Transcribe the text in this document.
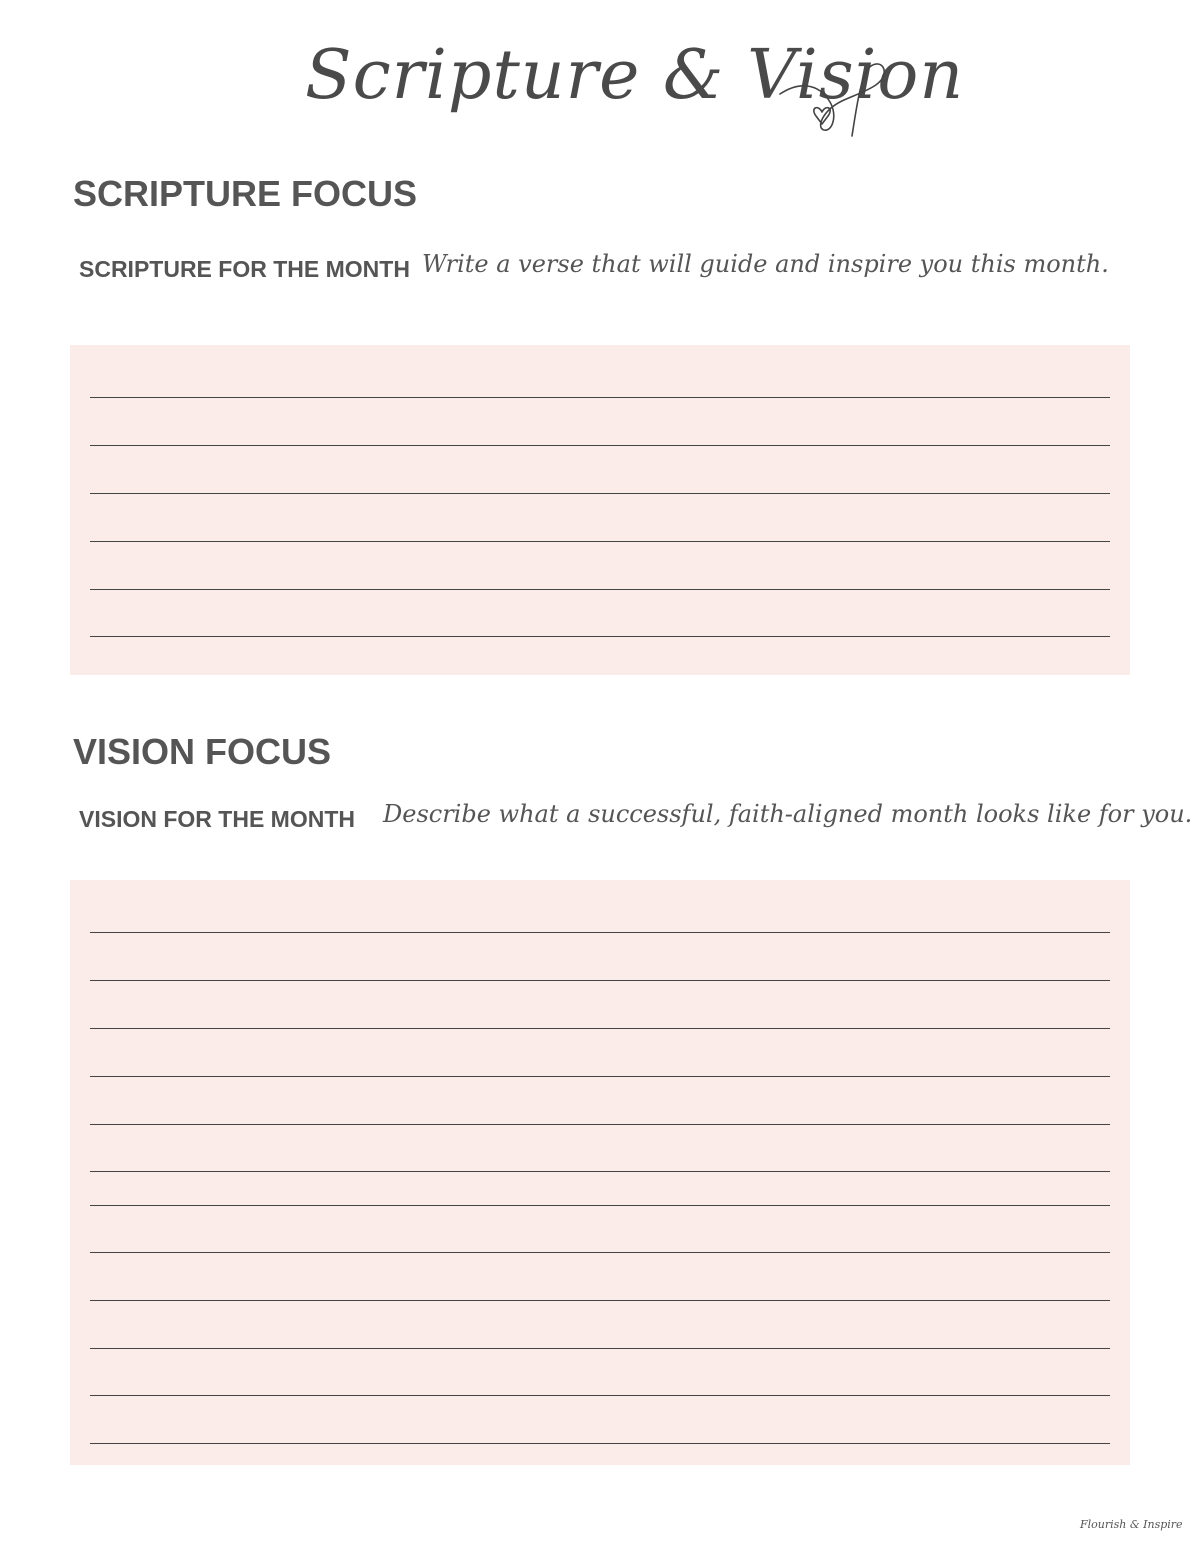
Scripture & Vision
SCRIPTURE FOCUS
SCRIPTURE FOR THE MONTH Write a verse that will guide and inspire you this month.
VISION FOCUS
VISION FOR THE MONTH Describe what a successful, faith-aligned month looks like for you.
Flourish & Inspire
